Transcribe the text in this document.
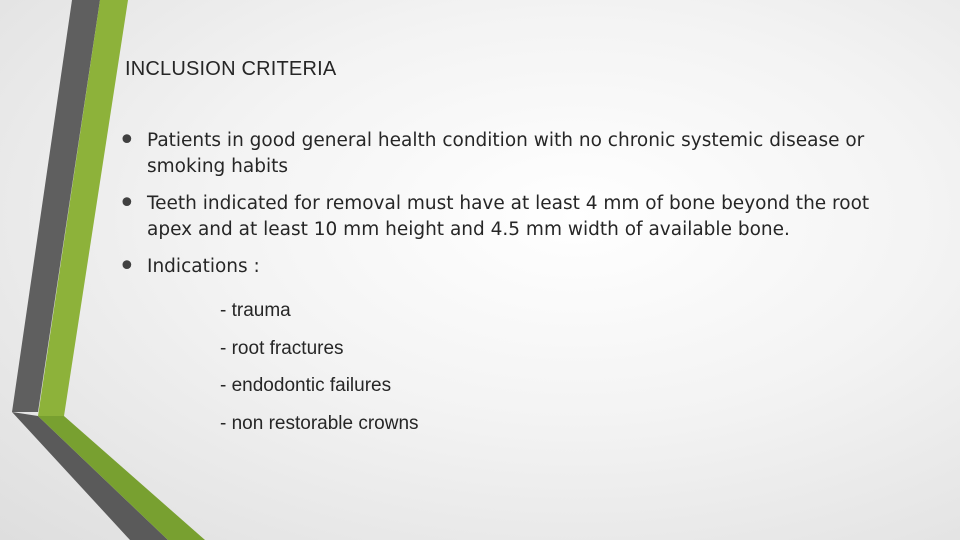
INCLUSION CRITERIA
• Patients in good general health condition with no chronic systemic disease or smoking habits
• Teeth indicated for removal must have at least 4 mm of bone beyond the root apex and at least 10 mm height and 4.5 mm width of available bone.
• Indications :
- trauma
- root fractures
- endodontic failures
- non restorable crowns
